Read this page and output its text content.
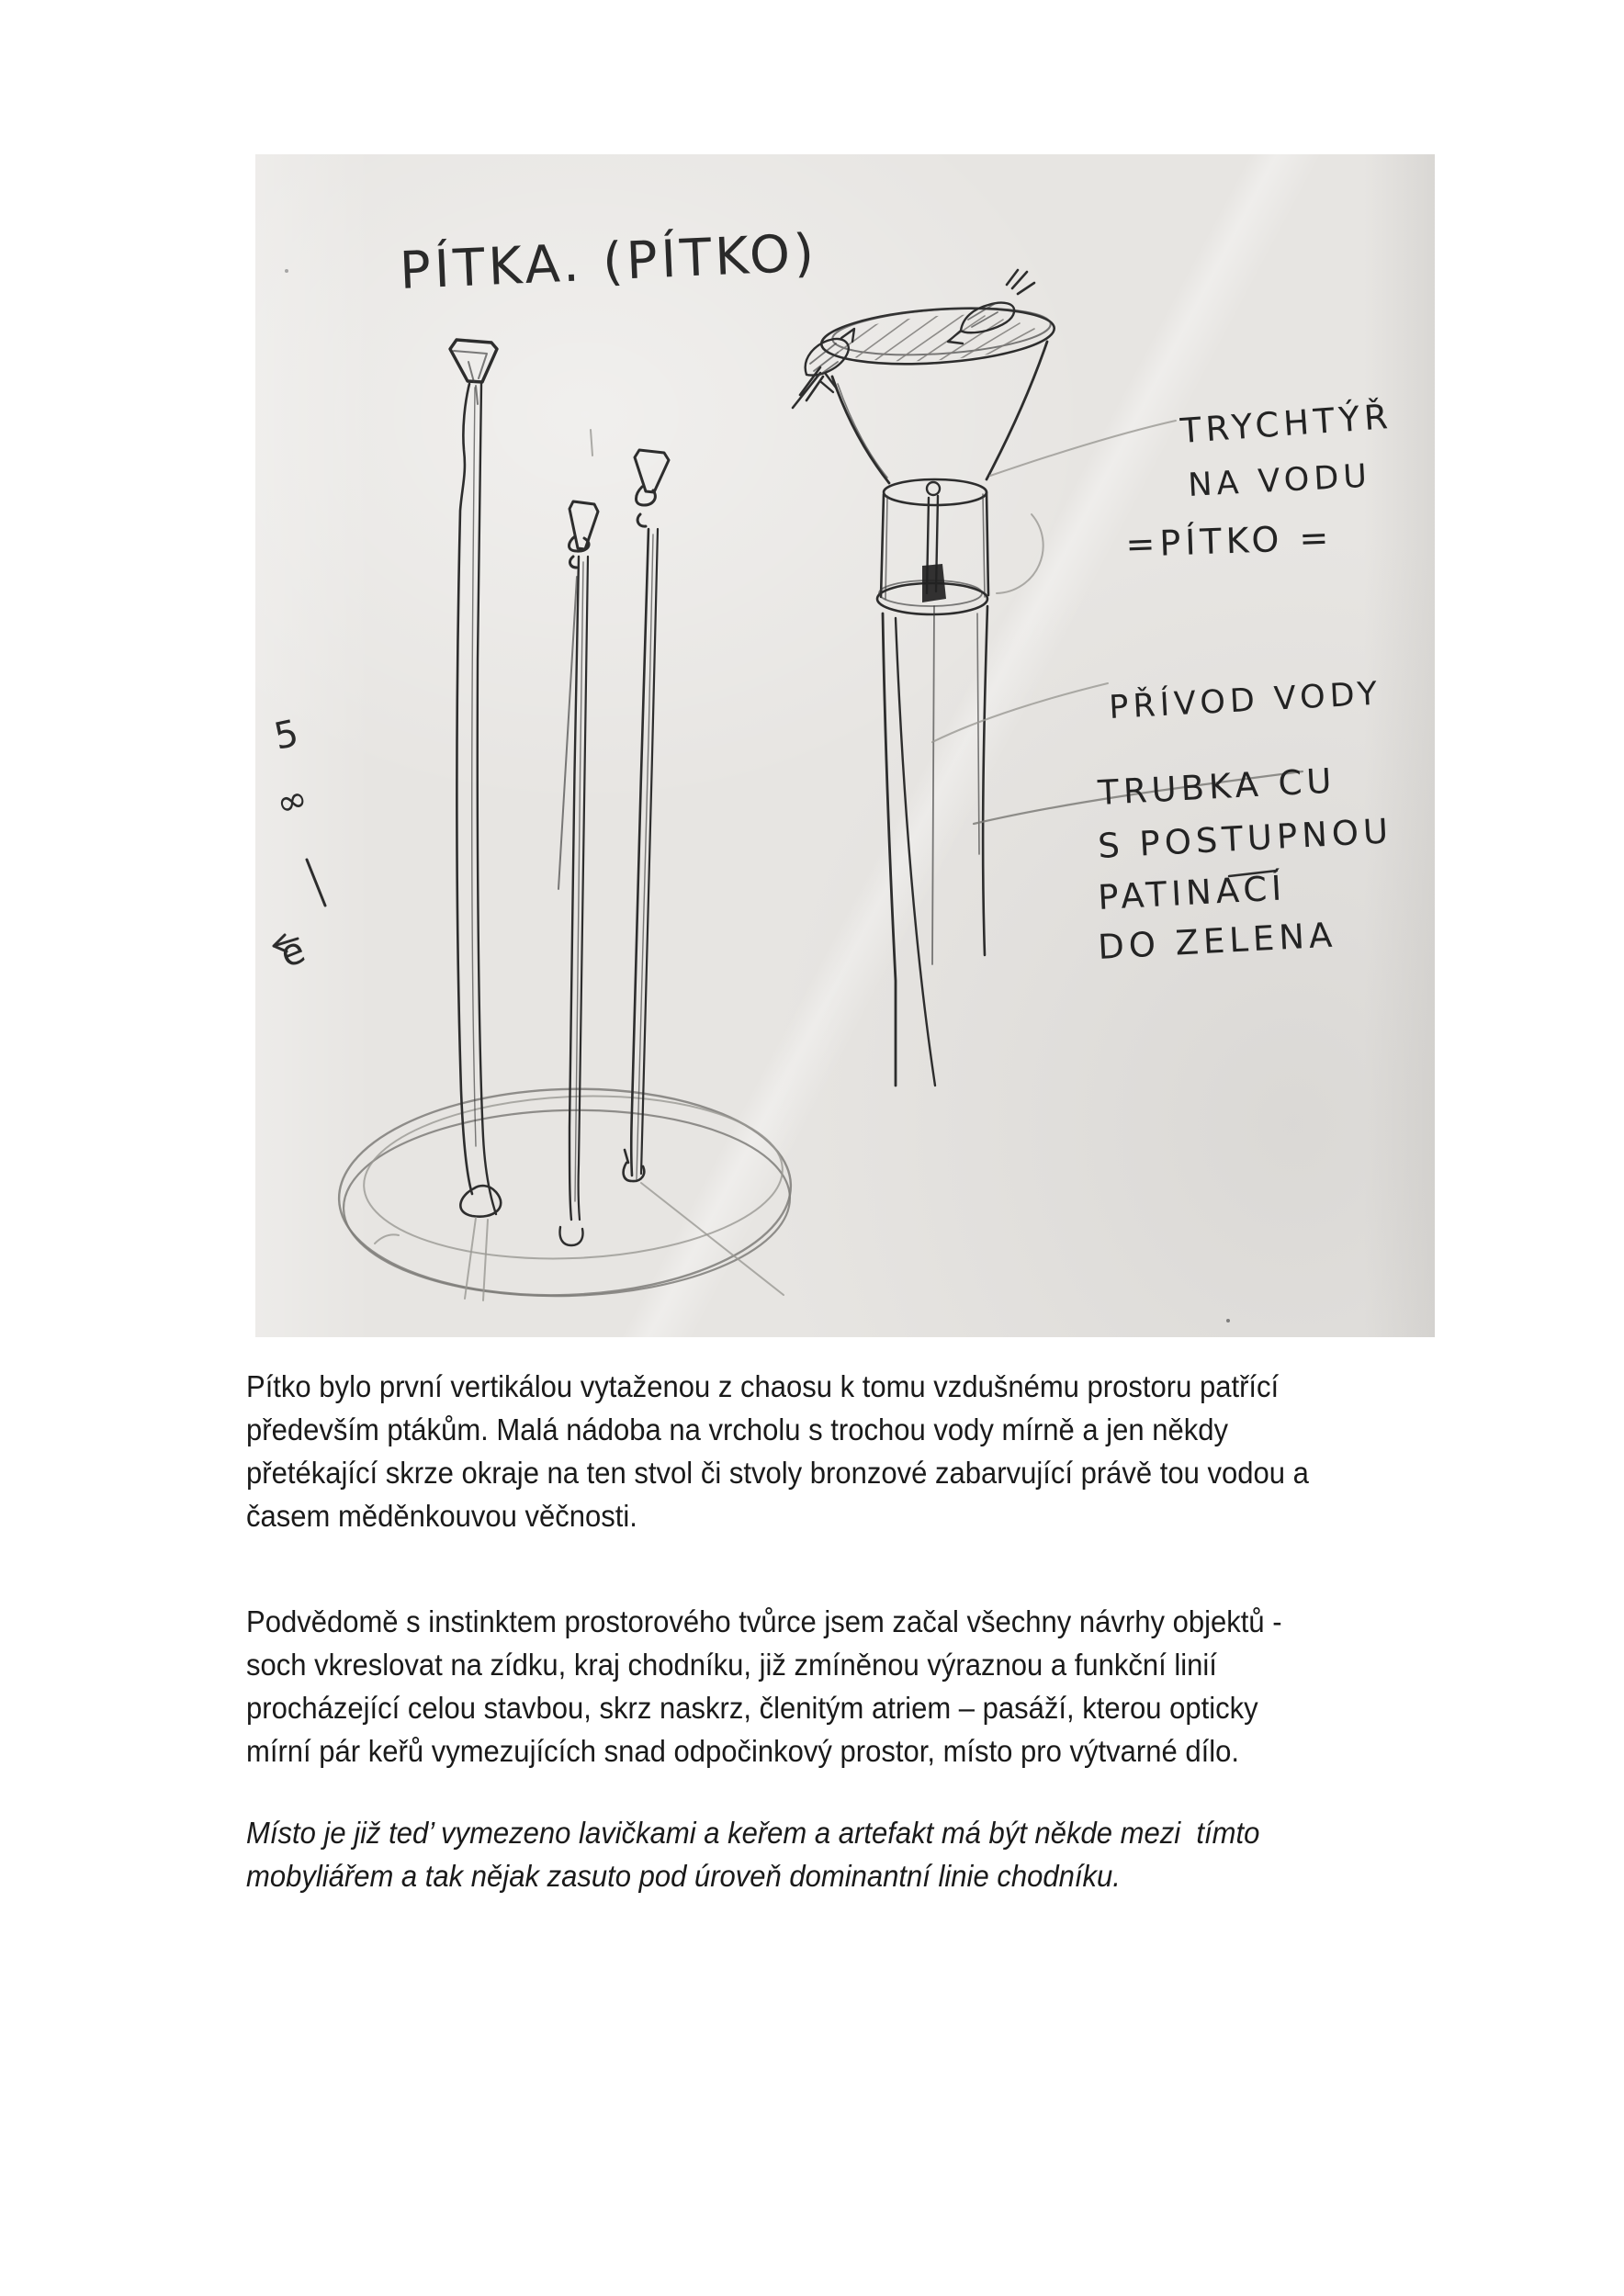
PÍTKA. (PÍTKO)
5
∞
e
TRYCHTÝŘ
NA VODU
=PÍTKO =
PŘÍVOD VODY
TRUBKA CU
S POSTUPNOU
PATINACÍ
DO ZELENA
Pítko bylo první vertikálou vytaženou z chaosu k tomu vzdušnému prostoru patřící
především ptákům. Malá nádoba na vrcholu s trochou vody mírně a jen někdy
přetékající skrze okraje na ten stvol či stvoly bronzové zabarvující právě tou vodou a
časem měděnkouvou věčnosti.
Podvědomě s instinktem prostorového tvůrce jsem začal všechny návrhy objektů -
soch vkreslovat na zídku, kraj chodníku, již zmíněnou výraznou a funkční linií
procházející celou stavbou, skrz naskrz, členitým atriem – pasáží, kterou opticky
mírní pár keřů vymezujících snad odpočinkový prostor, místo pro výtvarné dílo.
Místo je již ted’ vymezeno lavičkami a keřem a artefakt má být někde mezi  tímto
mobyliářem a tak nějak zasuto pod úroveň dominantní linie chodníku.
